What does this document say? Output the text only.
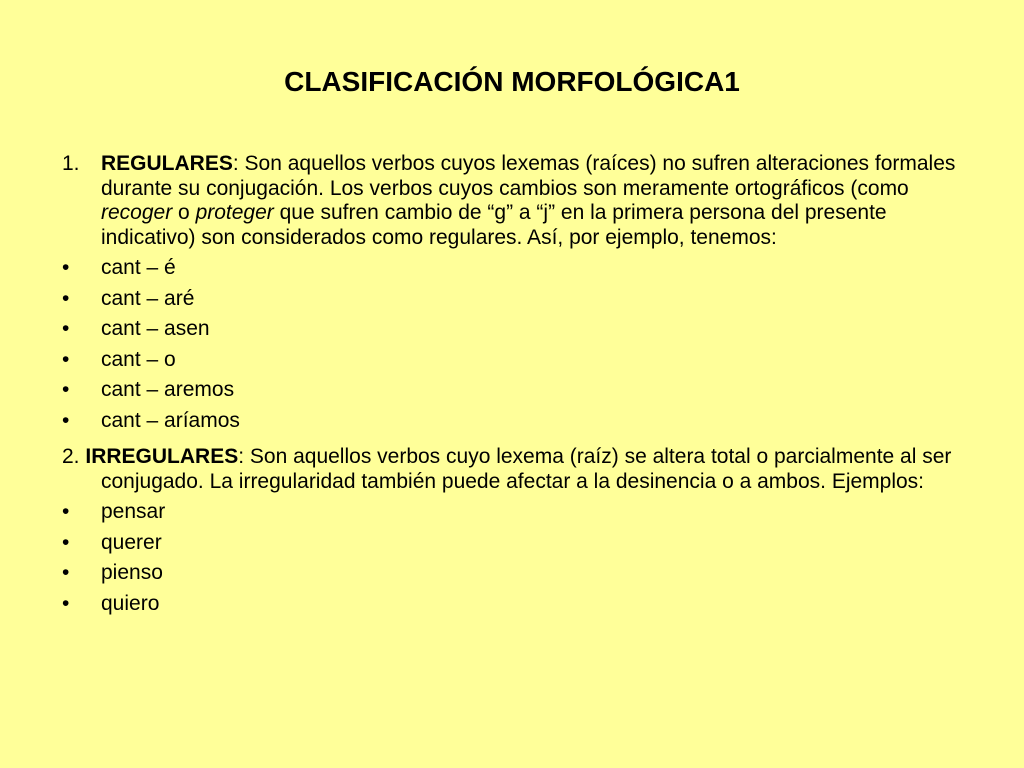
CLASIFICACIÓN MORFOLÓGICA1
1. REGULARES: Son aquellos verbos cuyos lexemas (raíces) no sufren alteraciones formales durante su conjugación. Los verbos cuyos cambios son meramente ortográficos (como recoger o proteger que sufren cambio de “g” a “j” en la primera persona del presente indicativo) son considerados como regulares. Así, por ejemplo, tenemos:
• cant – é
• cant – aré
• cant – asen
• cant – o
• cant – aremos
• cant – aríamos
2. IRREGULARES: Son aquellos verbos cuyo lexema (raíz) se altera total o parcialmente al ser conjugado. La irregularidad también puede afectar a la desinencia o a ambos. Ejemplos:
• pensar
• querer
• pienso
• quiero
